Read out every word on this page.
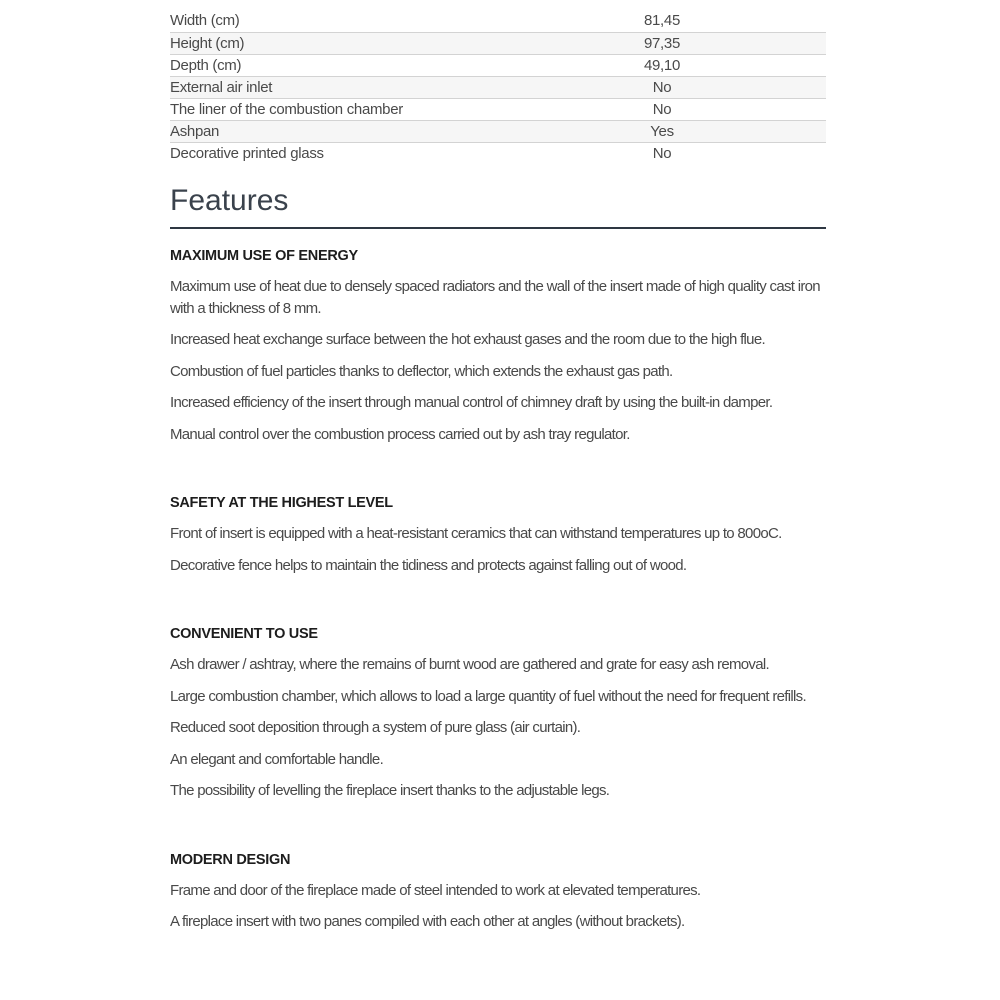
Width (cm)	81,45
Height (cm)	97,35
Depth (cm)	49,10
External air inlet	No
The liner of the combustion chamber	No
Ashpan	Yes
Decorative printed glass	No
Features
MAXIMUM USE OF ENERGY

Maximum use of heat due to densely spaced radiators and the wall of the insert made of high quality cast iron with a thickness of 8 mm.

Increased heat exchange surface between the hot exhaust gases and the room due to the high flue.

Combustion of fuel particles thanks to deflector, which extends the exhaust gas path.

Increased efficiency of the insert through manual control of chimney draft by using the built-in damper.

Manual control over the combustion process carried out by ash tray regulator.

SAFETY AT THE HIGHEST LEVEL

Front of insert is equipped with a heat-resistant ceramics that can withstand temperatures up to 800oC.

Decorative fence helps to maintain the tidiness and protects against falling out of wood.

CONVENIENT TO USE

Ash drawer / ashtray, where the remains of burnt wood are gathered and grate for easy ash removal.

Large combustion chamber, which allows to load a large quantity of fuel without the need for frequent refills.

Reduced soot deposition through a system of pure glass (air curtain).

An elegant and comfortable handle.

The possibility of levelling the fireplace insert thanks to the adjustable legs.

MODERN DESIGN

Frame and door of the fireplace made of steel intended to work at elevated temperatures.

A fireplace insert with two panes compiled with each other at angles (without brackets).
